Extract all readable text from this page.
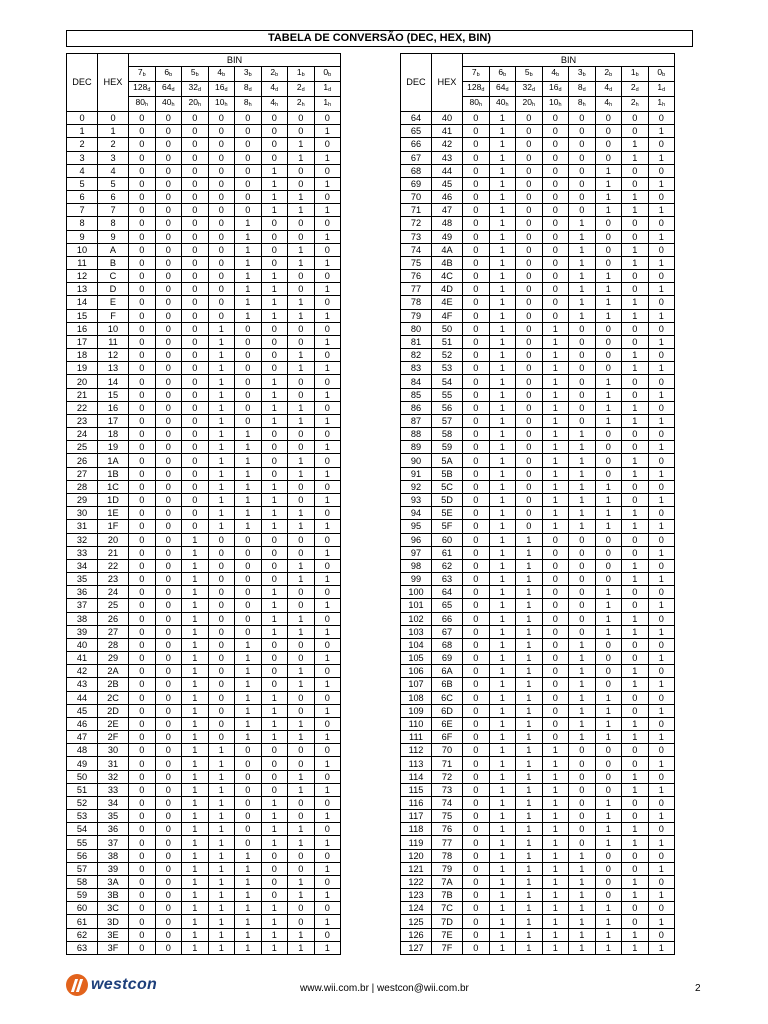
TABELA DE CONVERSÃO (DEC, HEX, BIN)
DEC	HEX	BIN							
		$7_b$	$6_b$	$5_b$	$4_b$	$3_b$	$2_b$	$1_b$	$0_b$
		$128_d$	$64_d$	$32_d$	$16_d$	$8_d$	$4_d$	$2_d$	$1_d$
		$80_h$	$40_h$	$20_h$	$10_h$	$8_h$	$4_h$	$2_h$	$1_h$
0	0	0	0	0	0	0	0	0	0
1	1	0	0	0	0	0	0	0	1
2	2	0	0	0	0	0	0	1	0
3	3	0	0	0	0	0	0	1	1
4	4	0	0	0	0	0	1	0	0
5	5	0	0	0	0	0	1	0	1
6	6	0	0	0	0	0	1	1	0
7	7	0	0	0	0	0	1	1	1
8	8	0	0	0	0	1	0	0	0
9	9	0	0	0	0	1	0	0	1
10	A	0	0	0	0	1	0	1	0
11	B	0	0	0	0	1	0	1	1
12	C	0	0	0	0	1	1	0	0
13	D	0	0	0	0	1	1	0	1
14	E	0	0	0	0	1	1	1	0
15	F	0	0	0	0	1	1	1	1
16	10	0	0	0	1	0	0	0	0
17	11	0	0	0	1	0	0	0	1
18	12	0	0	0	1	0	0	1	0
19	13	0	0	0	1	0	0	1	1
20	14	0	0	0	1	0	1	0	0
21	15	0	0	0	1	0	1	0	1
22	16	0	0	0	1	0	1	1	0
23	17	0	0	0	1	0	1	1	1
24	18	0	0	0	1	1	0	0	0
25	19	0	0	0	1	1	0	0	1
26	1A	0	0	0	1	1	0	1	0
27	1B	0	0	0	1	1	0	1	1
28	1C	0	0	0	1	1	1	0	0
29	1D	0	0	0	1	1	1	0	1
30	1E	0	0	0	1	1	1	1	0
31	1F	0	0	0	1	1	1	1	1
32	20	0	0	1	0	0	0	0	0
33	21	0	0	1	0	0	0	0	1
34	22	0	0	1	0	0	0	1	0
35	23	0	0	1	0	0	0	1	1
36	24	0	0	1	0	0	1	0	0
37	25	0	0	1	0	0	1	0	1
38	26	0	0	1	0	0	1	1	0
39	27	0	0	1	0	0	1	1	1
40	28	0	0	1	0	1	0	0	0
41	29	0	0	1	0	1	0	0	1
42	2A	0	0	1	0	1	0	1	0
43	2B	0	0	1	0	1	0	1	1
44	2C	0	0	1	0	1	1	0	0
45	2D	0	0	1	0	1	1	0	1
46	2E	0	0	1	0	1	1	1	0
47	2F	0	0	1	0	1	1	1	1
48	30	0	0	1	1	0	0	0	0
49	31	0	0	1	1	0	0	0	1
50	32	0	0	1	1	0	0	1	0
51	33	0	0	1	1	0	0	1	1
52	34	0	0	1	1	0	1	0	0
53	35	0	0	1	1	0	1	0	1
54	36	0	0	1	1	0	1	1	0
55	37	0	0	1	1	0	1	1	1
56	38	0	0	1	1	1	0	0	0
57	39	0	0	1	1	1	0	0	1
58	3A	0	0	1	1	1	0	1	0
59	3B	0	0	1	1	1	0	1	1
60	3C	0	0	1	1	1	1	0	0
61	3D	0	0	1	1	1	1	0	1
62	3E	0	0	1	1	1	1	1	0
63	3F	0	0	1	1	1	1	1	1
DEC	HEX	BIN							
		$7_b$	$6_b$	$5_b$	$4_b$	$3_b$	$2_b$	$1_b$	$0_b$
		$128_d$	$64_d$	$32_d$	$16_d$	$8_d$	$4_d$	$2_d$	$1_d$
		$80_h$	$40_h$	$20_h$	$10_h$	$8_h$	$4_h$	$2_h$	$1_h$
64	40	0	1	0	0	0	0	0	0
65	41	0	1	0	0	0	0	0	1
66	42	0	1	0	0	0	0	1	0
67	43	0	1	0	0	0	0	1	1
68	44	0	1	0	0	0	1	0	0
69	45	0	1	0	0	0	1	0	1
70	46	0	1	0	0	0	1	1	0
71	47	0	1	0	0	0	1	1	1
72	48	0	1	0	0	1	0	0	0
73	49	0	1	0	0	1	0	0	1
74	4A	0	1	0	0	1	0	1	0
75	4B	0	1	0	0	1	0	1	1
76	4C	0	1	0	0	1	1	0	0
77	4D	0	1	0	0	1	1	0	1
78	4E	0	1	0	0	1	1	1	0
79	4F	0	1	0	0	1	1	1	1
80	50	0	1	0	1	0	0	0	0
81	51	0	1	0	1	0	0	0	1
82	52	0	1	0	1	0	0	1	0
83	53	0	1	0	1	0	0	1	1
84	54	0	1	0	1	0	1	0	0
85	55	0	1	0	1	0	1	0	1
86	56	0	1	0	1	0	1	1	0
87	57	0	1	0	1	0	1	1	1
88	58	0	1	0	1	1	0	0	0
89	59	0	1	0	1	1	0	0	1
90	5A	0	1	0	1	1	0	1	0
91	5B	0	1	0	1	1	0	1	1
92	5C	0	1	0	1	1	1	0	0
93	5D	0	1	0	1	1	1	0	1
94	5E	0	1	0	1	1	1	1	0
95	5F	0	1	0	1	1	1	1	1
96	60	0	1	1	0	0	0	0	0
97	61	0	1	1	0	0	0	0	1
98	62	0	1	1	0	0	0	1	0
99	63	0	1	1	0	0	0	1	1
100	64	0	1	1	0	0	1	0	0
101	65	0	1	1	0	0	1	0	1
102	66	0	1	1	0	0	1	1	0
103	67	0	1	1	0	0	1	1	1
104	68	0	1	1	0	1	0	0	0
105	69	0	1	1	0	1	0	0	1
106	6A	0	1	1	0	1	0	1	0
107	6B	0	1	1	0	1	0	1	1
108	6C	0	1	1	0	1	1	0	0
109	6D	0	1	1	0	1	1	0	1
110	6E	0	1	1	0	1	1	1	0
111	6F	0	1	1	0	1	1	1	1
112	70	0	1	1	1	0	0	0	0
113	71	0	1	1	1	0	0	0	1
114	72	0	1	1	1	0	0	1	0
115	73	0	1	1	1	0	0	1	1
116	74	0	1	1	1	0	1	0	0
117	75	0	1	1	1	0	1	0	1
118	76	0	1	1	1	0	1	1	0
119	77	0	1	1	1	0	1	1	1
120	78	0	1	1	1	1	0	0	0
121	79	0	1	1	1	1	0	0	1
122	7A	0	1	1	1	1	0	1	0
123	7B	0	1	1	1	1	0	1	1
124	7C	0	1	1	1	1	1	0	0
125	7D	0	1	1	1	1	1	0	1
126	7E	0	1	1	1	1	1	1	0
127	7F	0	1	1	1	1	1	1	1
westcon	www.wii.com.br | westcon@wii.com.br	2
